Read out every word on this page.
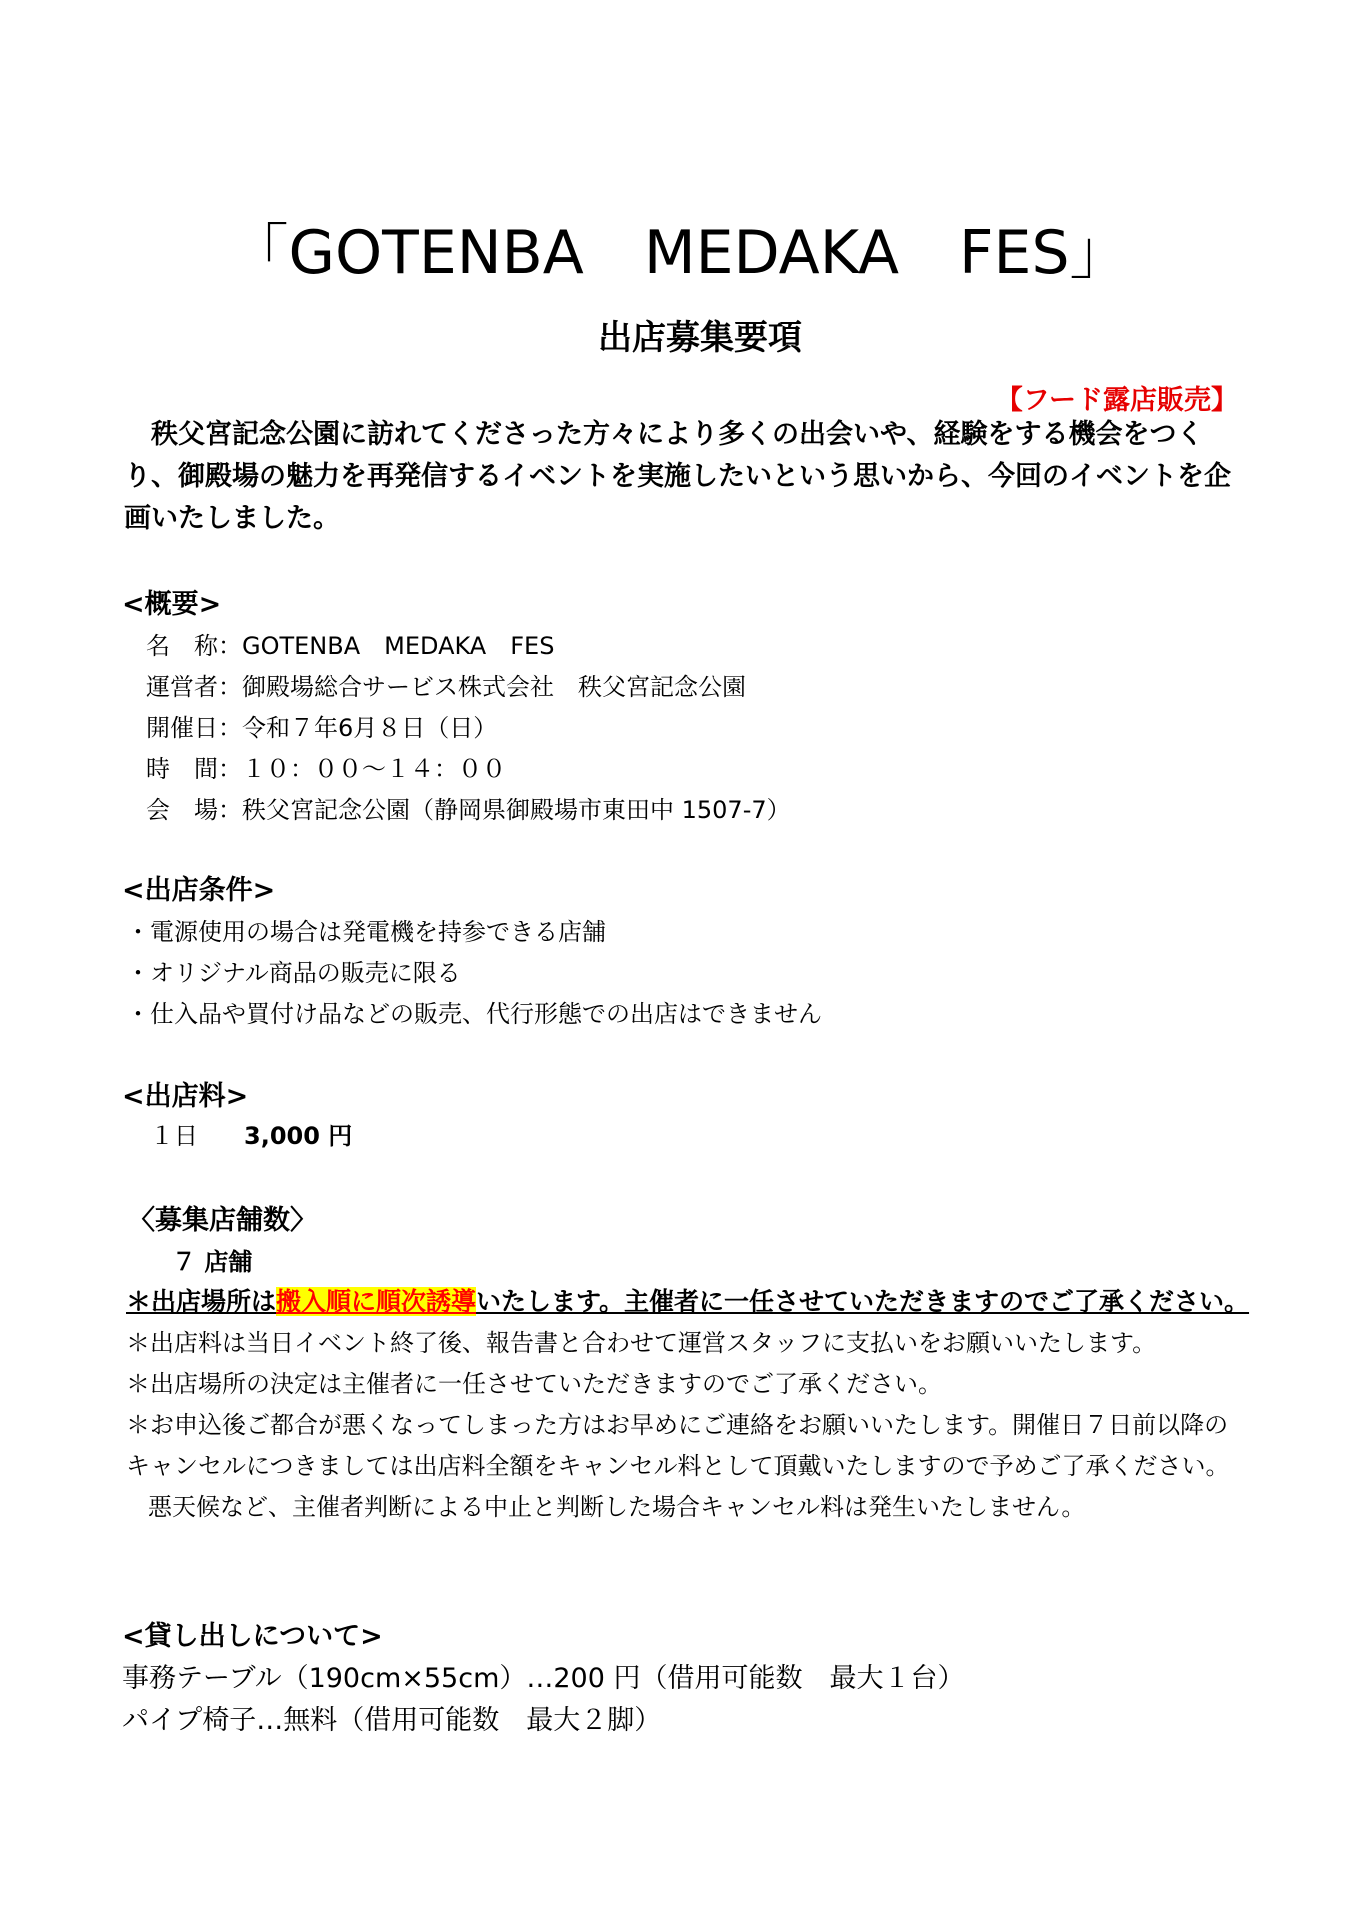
「GOTENBA　MEDAKA　FES」
出店募集要項
【フード露店販売】
秩父宮記念公園に訪れてくださった方々により多くの出会いや、経験をする機会をつくり、御殿場の魅力を再発信するイベントを実施したいという思いから、今回のイベントを企画いたしました。
<概要>
名　称：GOTENBA　MEDAKA　FES
運営者：御殿場総合サービス株式会社　秩父宮記念公園
開催日：令和７年6月８日（日）
時　間：１０：００～１４：００
会　場：秩父宮記念公園（静岡県御殿場市東田中 1507-7）
<出店条件>
・電源使用の場合は発電機を持参できる店舗
・オリジナル商品の販売に限る
・仕入品や買付け品などの販売、代行形態での出店はできません
<出店料>
１日 3,000 円
〈募集店舗数〉
７ 店舗
＊出店場所は搬入順に順次誘導いたします。主催者に一任させていただきますのでご了承ください。
＊出店料は当日イベント終了後、報告書と合わせて運営スタッフに支払いをお願いいたします。
＊出店場所の決定は主催者に一任させていただきますのでご了承ください。
＊お申込後ご都合が悪くなってしまった方はお早めにご連絡をお願いいたします。開催日７日前以降の
キャンセルにつきましては出店料全額をキャンセル料として頂戴いたしますので予めご了承ください。
悪天候など、主催者判断による中止と判断した場合キャンセル料は発生いたしません。
<貸し出しについて>
事務テーブル（190cm×55cm）…200 円（借用可能数　最大１台）
パイプ椅子…無料（借用可能数　最大２脚）
